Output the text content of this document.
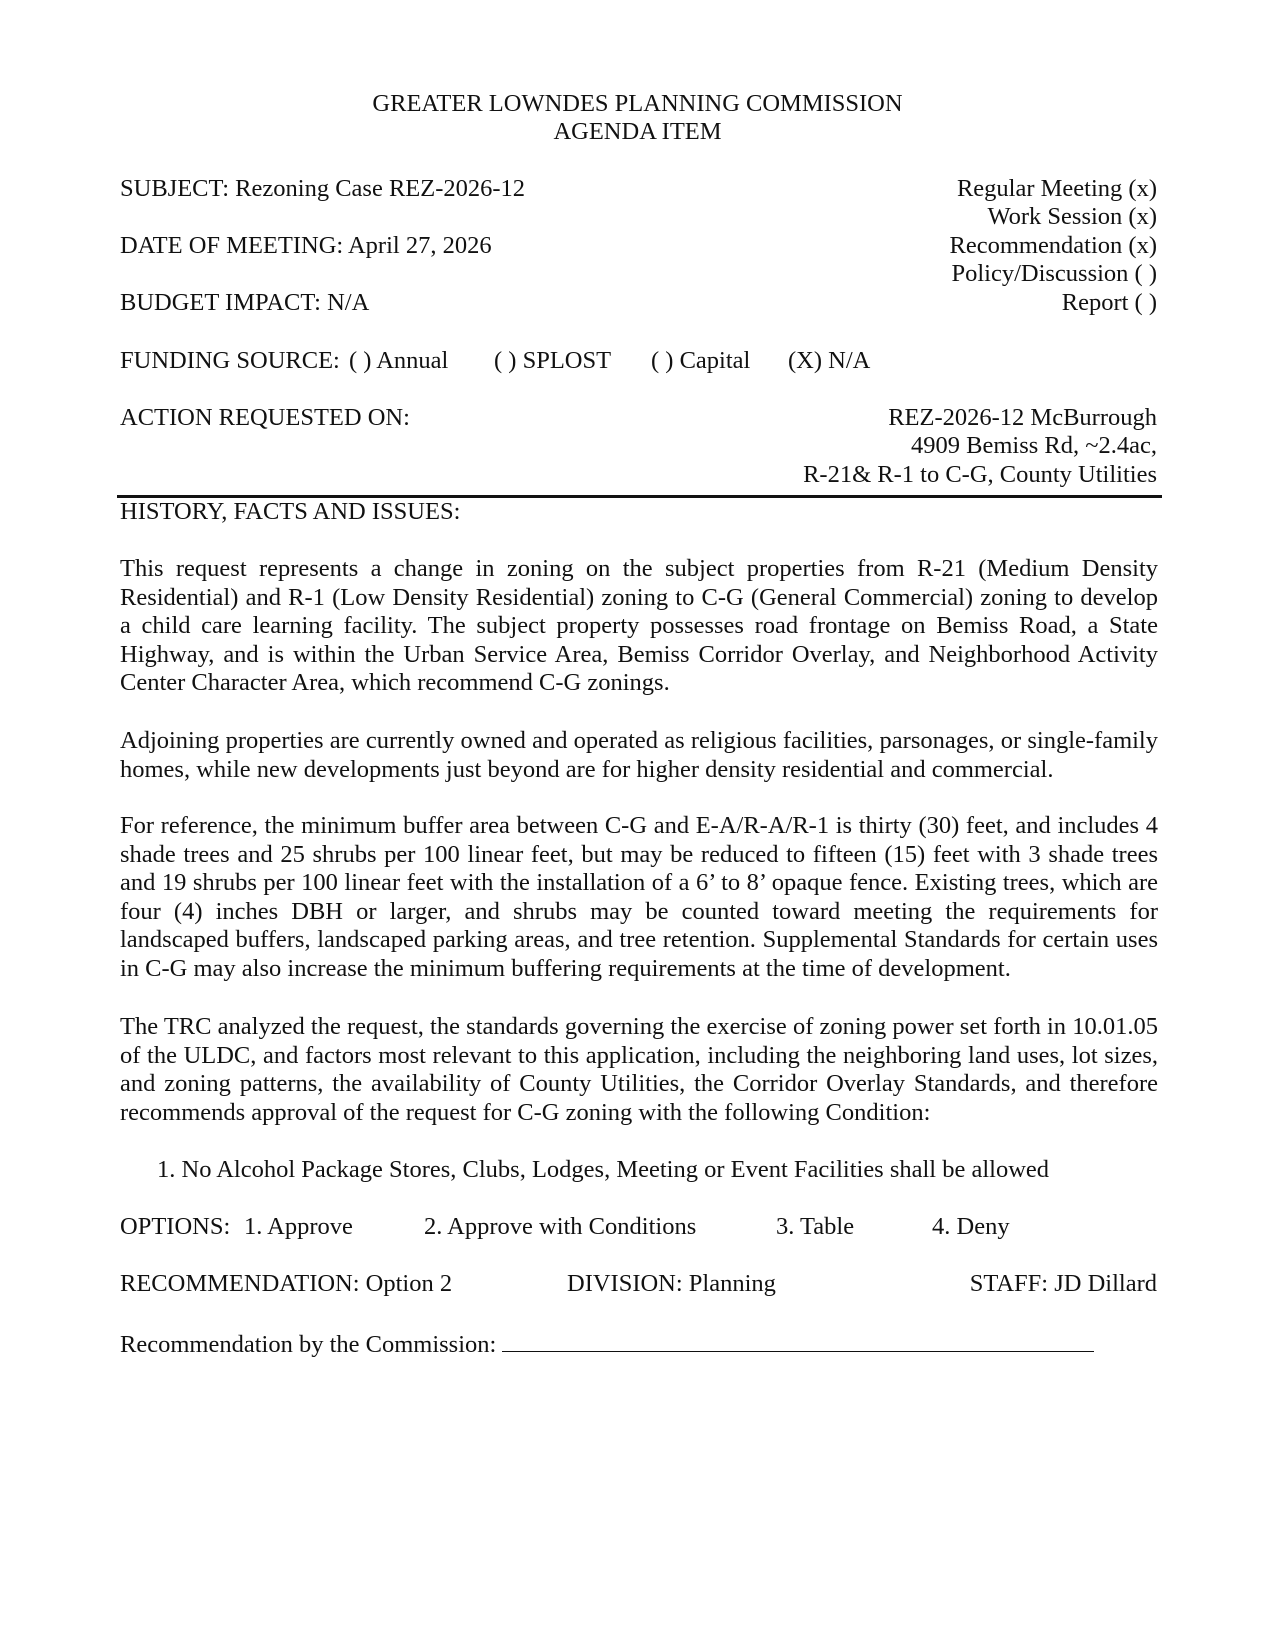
GREATER LOWNDES PLANNING COMMISSION
AGENDA ITEM
SUBJECT: Rezoning Case REZ-2026-12
DATE OF MEETING: April 27, 2026
BUDGET IMPACT: N/A
Regular Meeting (x)
Work Session (x)
Recommendation (x)
Policy/Discussion ( )
Report ( )
FUNDING SOURCE: ( ) Annual ( ) SPLOST ( ) Capital (X) N/A
ACTION REQUESTED ON:	REZ-2026-12 McBurrough
4909 Bemiss Rd, ~2.4ac,
R-21& R-1 to C-G, County Utilities
HISTORY, FACTS AND ISSUES:
This request represents a change in zoning on the subject properties from R-21 (Medium Density Residential) and R-1 (Low Density Residential) zoning to C-G (General Commercial) zoning to develop a child care learning facility. The subject property possesses road frontage on Bemiss Road, a State Highway, and is within the Urban Service Area, Bemiss Corridor Overlay, and Neighborhood Activity Center Character Area, which recommend C-G zonings.
Adjoining properties are currently owned and operated as religious facilities, parsonages, or single-family homes, while new developments just beyond are for higher density residential and commercial.
For reference, the minimum buffer area between C-G and E-A/R-A/R-1 is thirty (30) feet, and includes 4 shade trees and 25 shrubs per 100 linear feet, but may be reduced to fifteen (15) feet with 3 shade trees and 19 shrubs per 100 linear feet with the installation of a 6’ to 8’ opaque fence. Existing trees, which are four (4) inches DBH or larger, and shrubs may be counted toward meeting the requirements for landscaped buffers, landscaped parking areas, and tree retention. Supplemental Standards for certain uses in C-G may also increase the minimum buffering requirements at the time of development.
The TRC analyzed the request, the standards governing the exercise of zoning power set forth in 10.01.05 of the ULDC, and factors most relevant to this application, including the neighboring land uses, lot sizes, and zoning patterns, the availability of County Utilities, the Corridor Overlay Standards, and therefore recommends approval of the request for C-G zoning with the following Condition:
1. No Alcohol Package Stores, Clubs, Lodges, Meeting or Event Facilities shall be allowed
OPTIONS: 1. Approve	2. Approve with Conditions	3. Table	4. Deny
RECOMMENDATION: Option 2	DIVISION: Planning	STAFF: JD Dillard
Recommendation by the Commission:
